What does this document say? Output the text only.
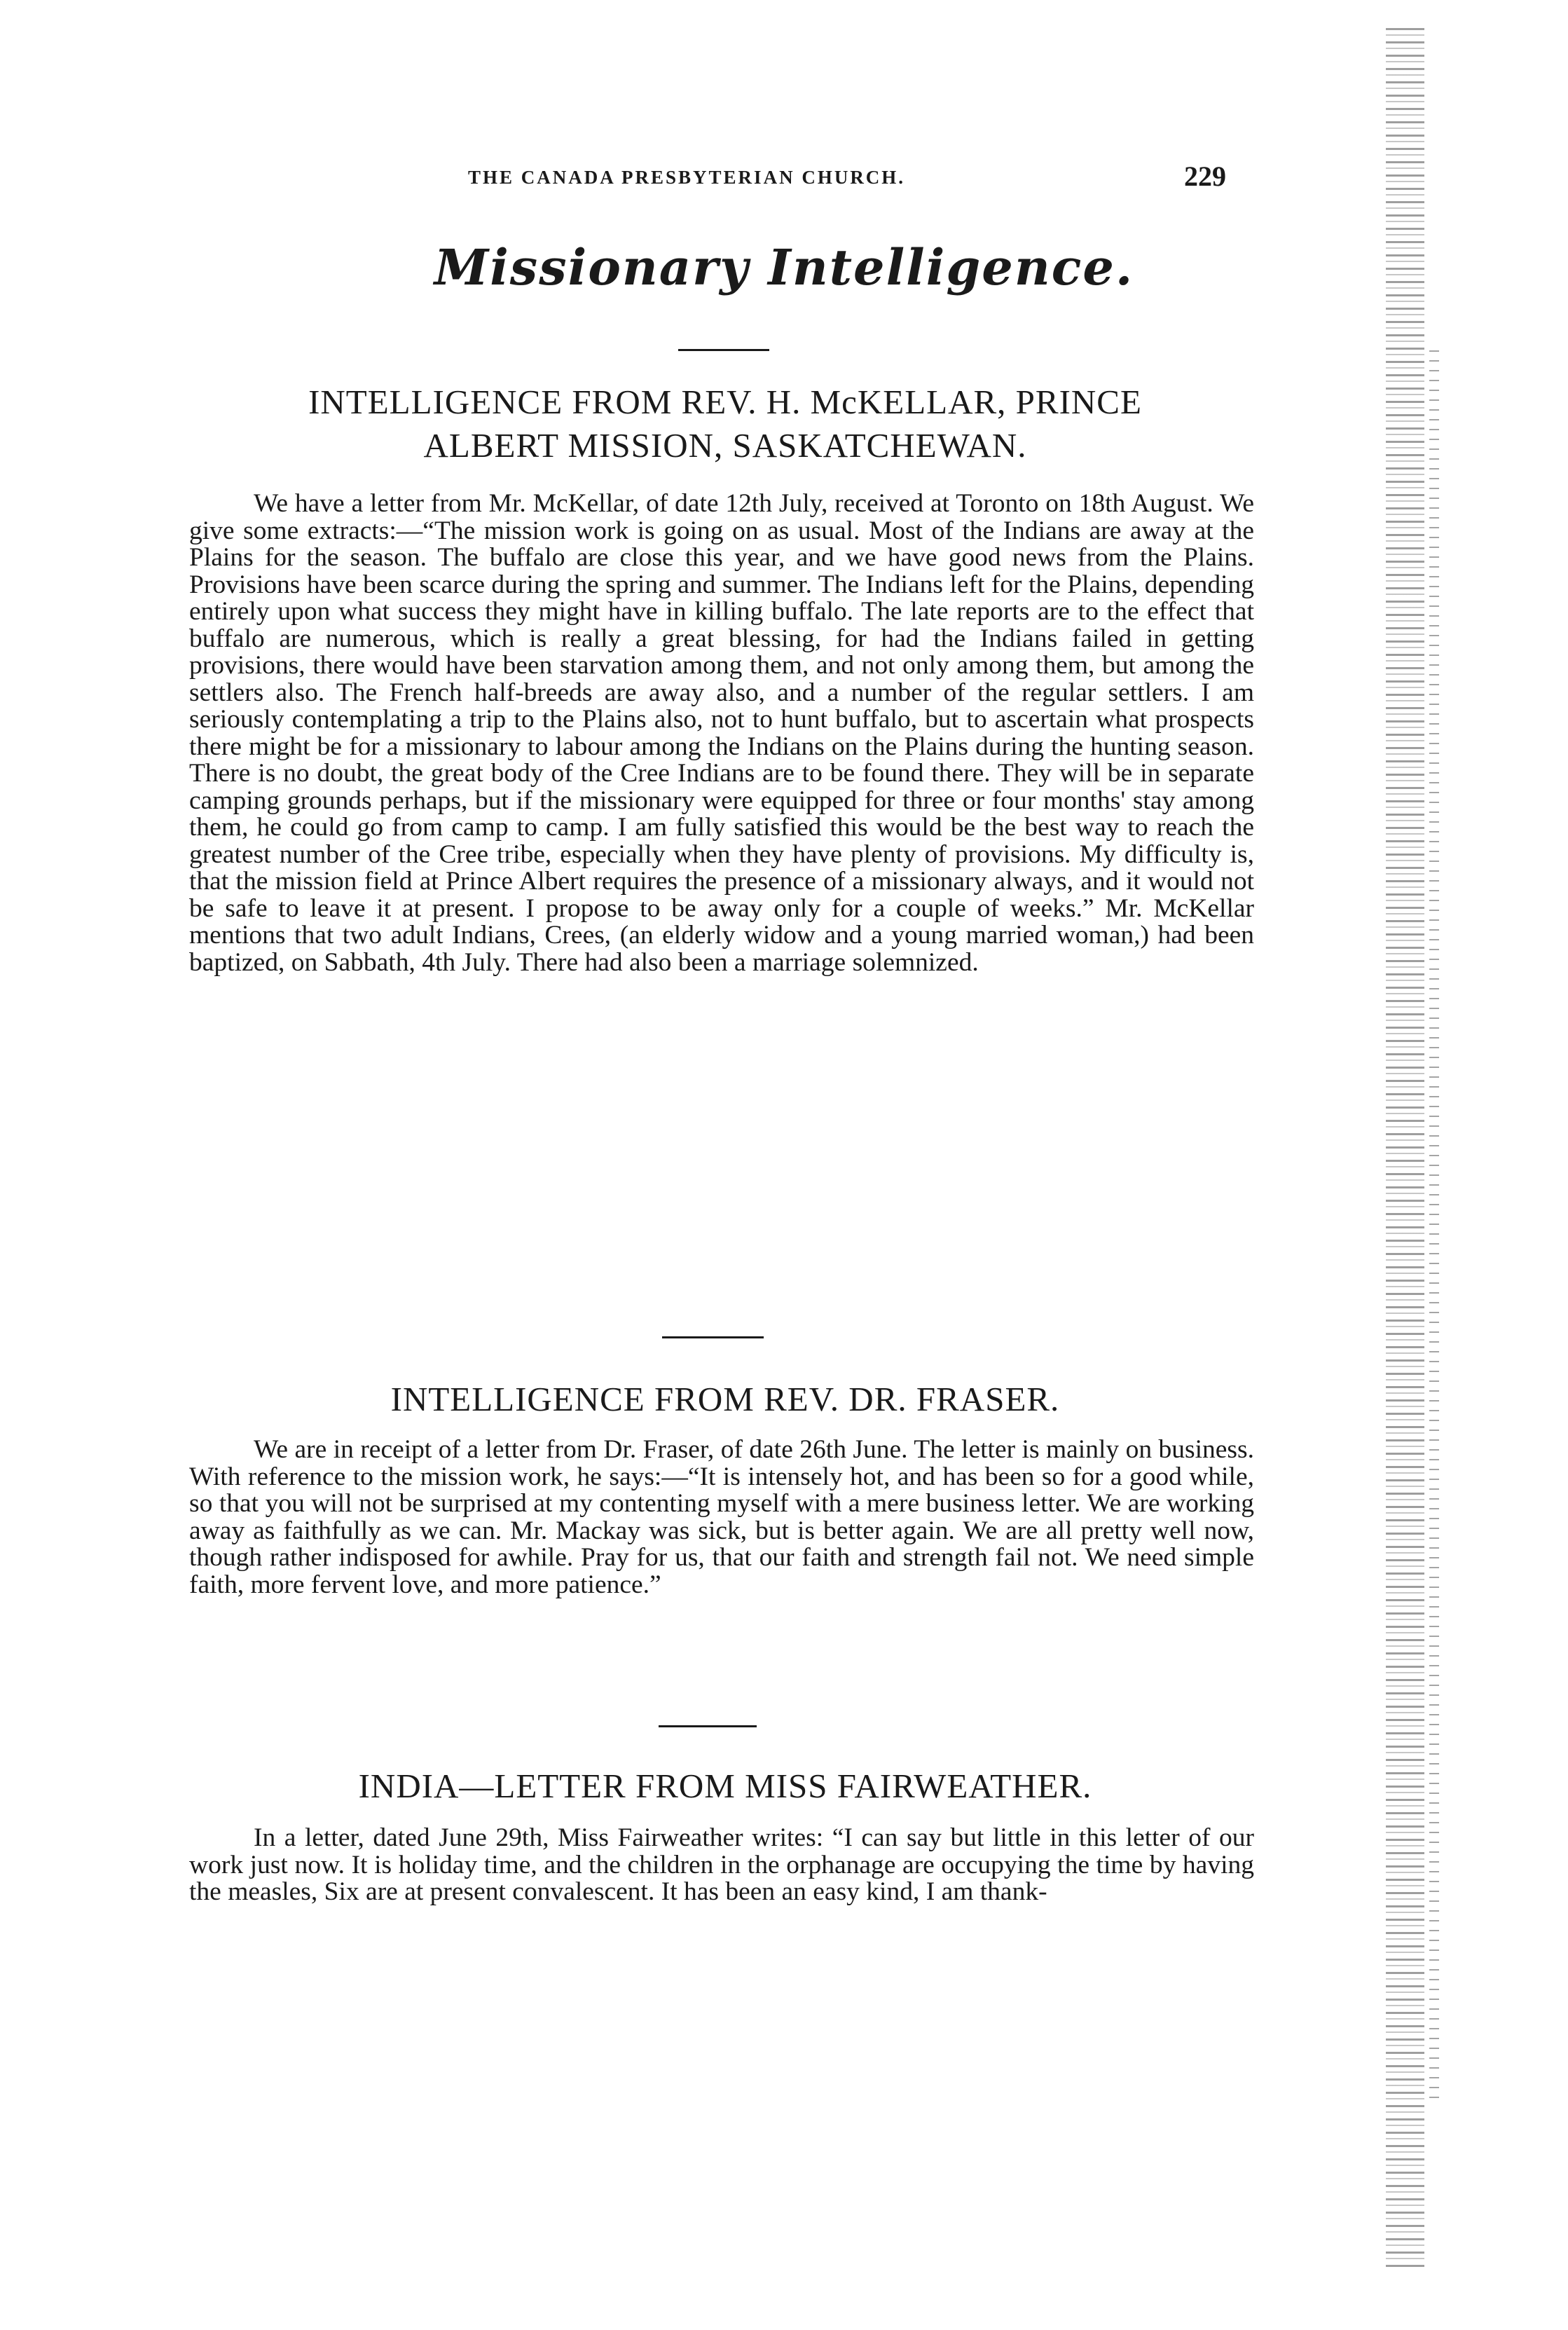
THE CANADA PRESBYTERIAN CHURCH.	229
Missionary Intelligence.
INTELLIGENCE FROM REV. H. McKELLAR, PRINCE
ALBERT MISSION, SASKATCHEWAN.

We have a letter from Mr. McKellar, of date 12th July, received at Toronto on 18th August. We give some extracts:—“The mission work is going on as usual. Most of the Indians are away at the Plains for the season. The buffalo are close this year, and we have good news from the Plains. Provisions have been scarce during the spring and summer. The Indians left for the Plains, depending entirely upon what success they might have in killing buffalo. The late reports are to the effect that buffalo are numerous, which is really a great blessing, for had the Indians failed in getting provisions, there would have been starvation among them, and not only among them, but among the settlers also. The French half-breeds are away also, and a number of the regular settlers. I am seriously contemplating a trip to the Plains also, not to hunt buffalo, but to ascertain what prospects there might be for a missionary to labour among the Indians on the Plains during the hunting season. There is no doubt, the great body of the Cree Indians are to be found there. They will be in separate camping grounds perhaps, but if the missionary were equipped for three or four months' stay among them, he could go from camp to camp. I am fully satisfied this would be the best way to reach the greatest number of the Cree tribe, especially when they have plenty of provisions. My difficulty is, that the mission field at Prince Albert requires the presence of a missionary always, and it would not be safe to leave it at present. I propose to be away only for a couple of weeks.” Mr. McKellar mentions that two adult Indians, Crees, (an elderly widow and a young married woman,) had been baptized, on Sabbath, 4th July. There had also been a marriage solemnized.

INTELLIGENCE FROM REV. DR. FRASER.

We are in receipt of a letter from Dr. Fraser, of date 26th June. The letter is mainly on business. With reference to the mission work, he says:—“It is intensely hot, and has been so for a good while, so that you will not be surprised at my contenting myself with a mere business letter. We are working away as faithfully as we can. Mr. Mackay was sick, but is better again. We are all pretty well now, though rather indisposed for awhile. Pray for us, that our faith and strength fail not. We need simple faith, more fervent love, and more patience.”

INDIA—LETTER FROM MISS FAIRWEATHER.

In a letter, dated June 29th, Miss Fairweather writes: “I can say but little in this letter of our work just now. It is holiday time, and the children in the orphanage are occupying the time by having the measles, Six are at present convalescent. It has been an easy kind, I am thank-
